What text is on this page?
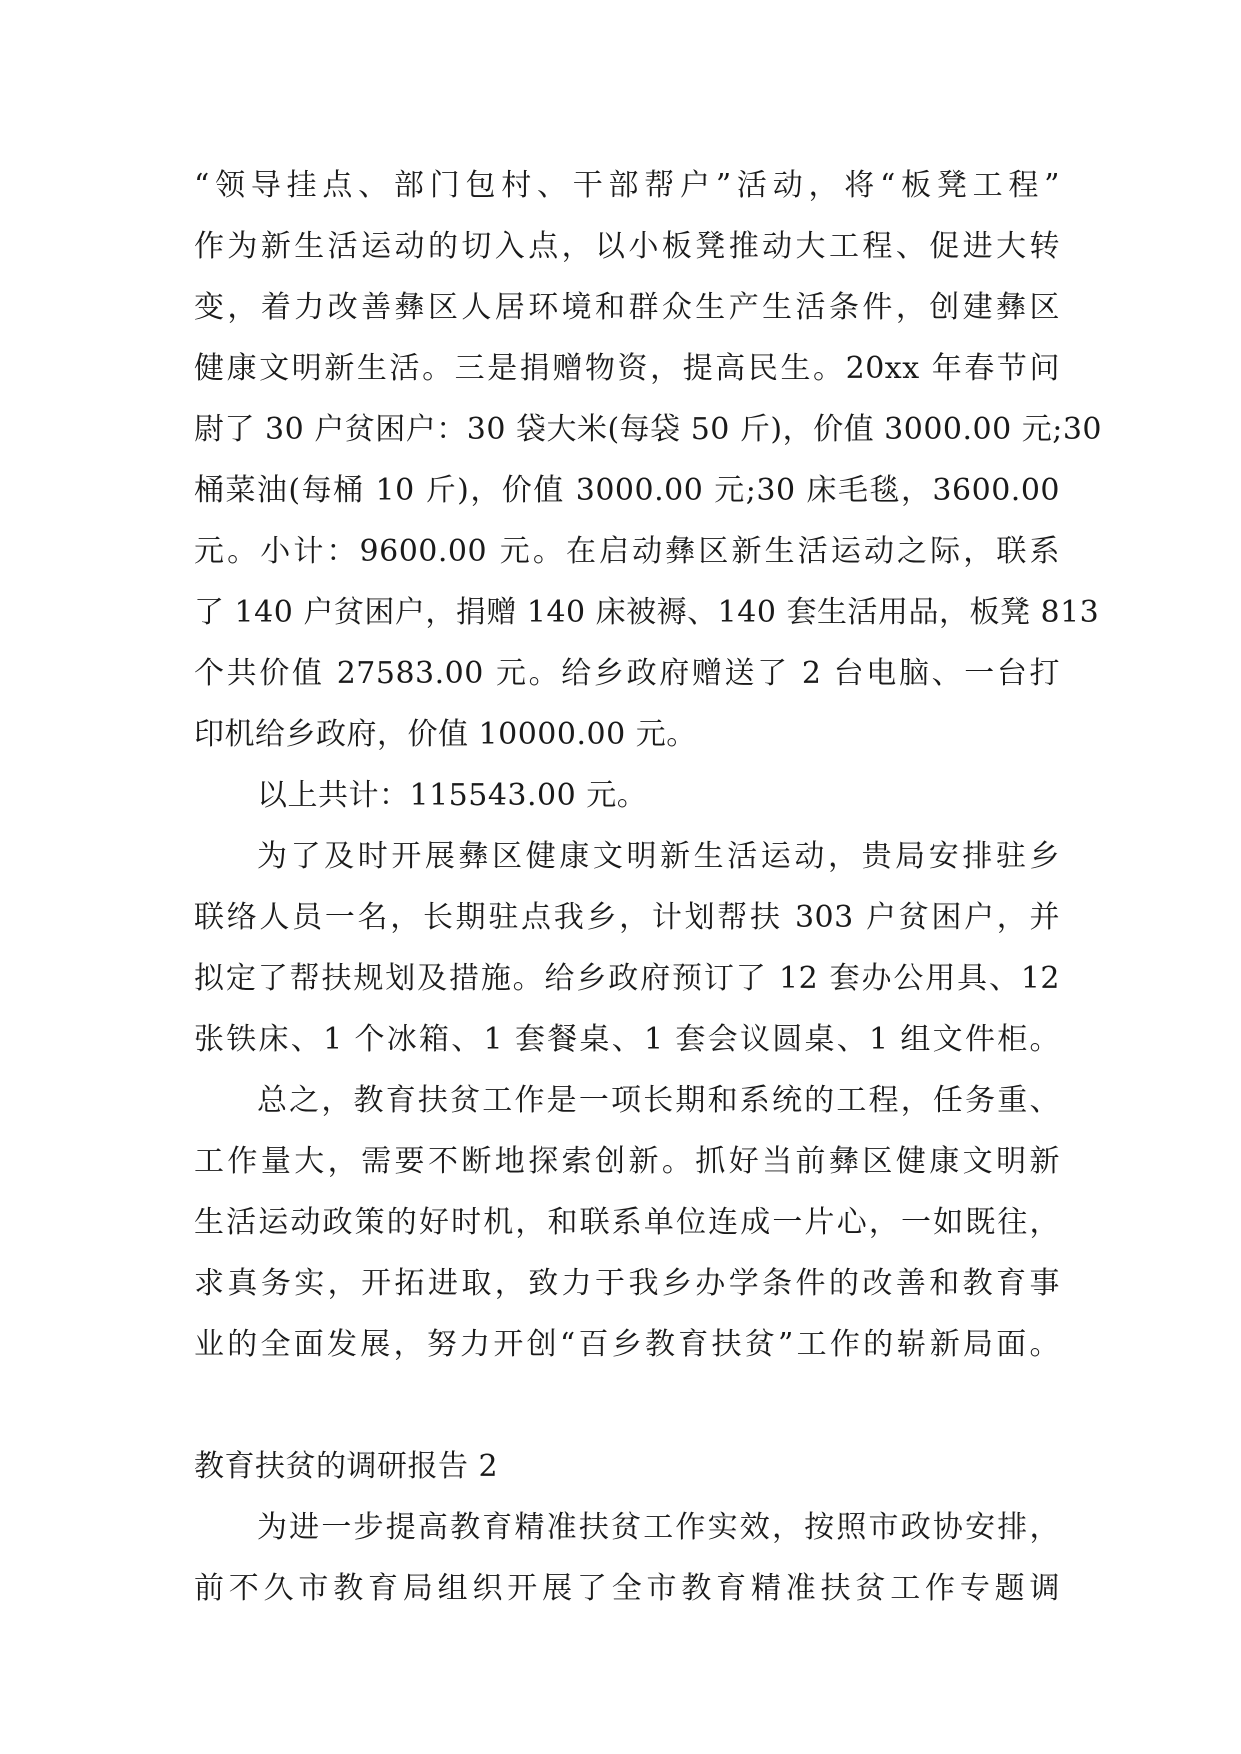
“领导挂点、部门包村、干部帮户”活动，将“板凳工程”
作为新生活运动的切入点，以小板凳推动大工程、促进大转
变，着力改善彝区人居环境和群众生产生活条件，创建彝区
健康文明新生活。三是捐赠物资，提高民生。20xx 年春节问
尉了 30 户贫困户：30 袋大米(每袋 50 斤)，价值 3000.00 元;30
桶菜油(每桶 10 斤)，价值 3000.00 元;30 床毛毯，3600.00
元。小计：9600.00 元。在启动彝区新生活运动之际，联系
了 140 户贫困户，捐赠 140 床被褥、140 套生活用品，板凳 813
个共价值 27583.00 元。给乡政府赠送了 2 台电脑、一台打
印机给乡政府，价值 10000.00 元。
以上共计：115543.00 元。
为了及时开展彝区健康文明新生活运动，贵局安排驻乡
联络人员一名，长期驻点我乡，计划帮扶 303 户贫困户，并
拟定了帮扶规划及措施。给乡政府预订了 12 套办公用具、12
张铁床、1 个冰箱、1 套餐桌、1 套会议圆桌、1 组文件柜。
总之，教育扶贫工作是一项长期和系统的工程，任务重、
工作量大，需要不断地探索创新。抓好当前彝区健康文明新
生活运动政策的好时机，和联系单位连成一片心，一如既往，
求真务实，开拓进取，致力于我乡办学条件的改善和教育事
业的全面发展，努力开创“百乡教育扶贫”工作的崭新局面。
教育扶贫的调研报告 2
为进一步提高教育精准扶贫工作实效，按照市政协安排，
前不久市教育局组织开展了全市教育精准扶贫工作专题调
